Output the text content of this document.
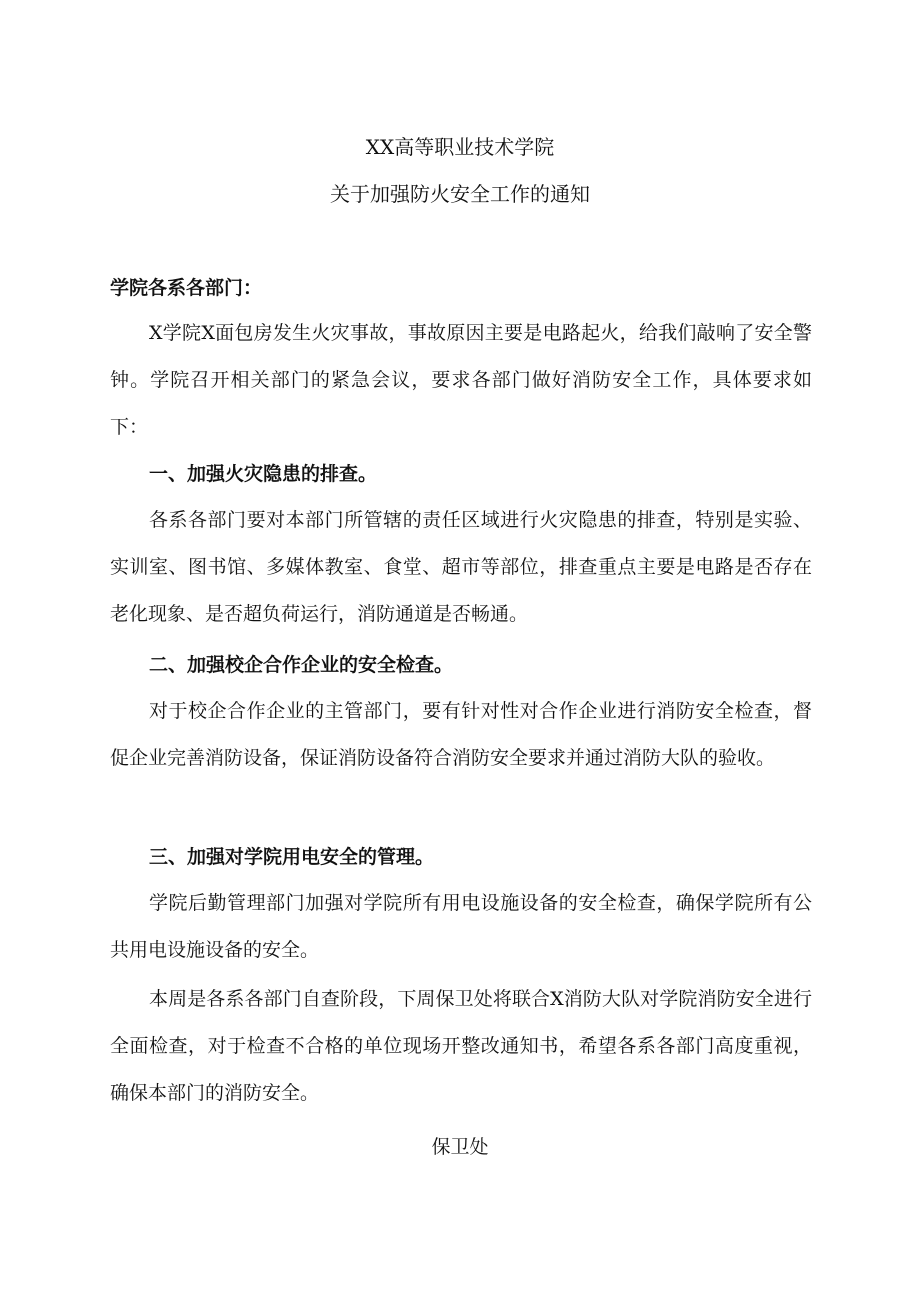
XX高等职业技术学院
关于加强防火安全工作的通知
学院各系各部门：

X学院X面包房发生火灾事故，事故原因主要是电路起火，给我们敲响了安全警钟。学院召开相关部门的紧急会议，要求各部门做好消防安全工作，具体要求如下：

一、加强火灾隐患的排查。

各系各部门要对本部门所管辖的责任区域进行火灾隐患的排查，特别是实验、实训室、图书馆、多媒体教室、食堂、超市等部位，排查重点主要是电路是否存在老化现象、是否超负荷运行，消防通道是否畅通。

二、加强校企合作企业的安全检查。

对于校企合作企业的主管部门，要有针对性对合作企业进行消防安全检查，督促企业完善消防设备，保证消防设备符合消防安全要求并通过消防大队的验收。

三、加强对学院用电安全的管理。

学院后勤管理部门加强对学院所有用电设施设备的安全检查，确保学院所有公共用电设施设备的安全。

本周是各系各部门自查阶段，下周保卫处将联合X消防大队对学院消防安全进行全面检查，对于检查不合格的单位现场开整改通知书，希望各系各部门高度重视，确保本部门的消防安全。

保卫处
